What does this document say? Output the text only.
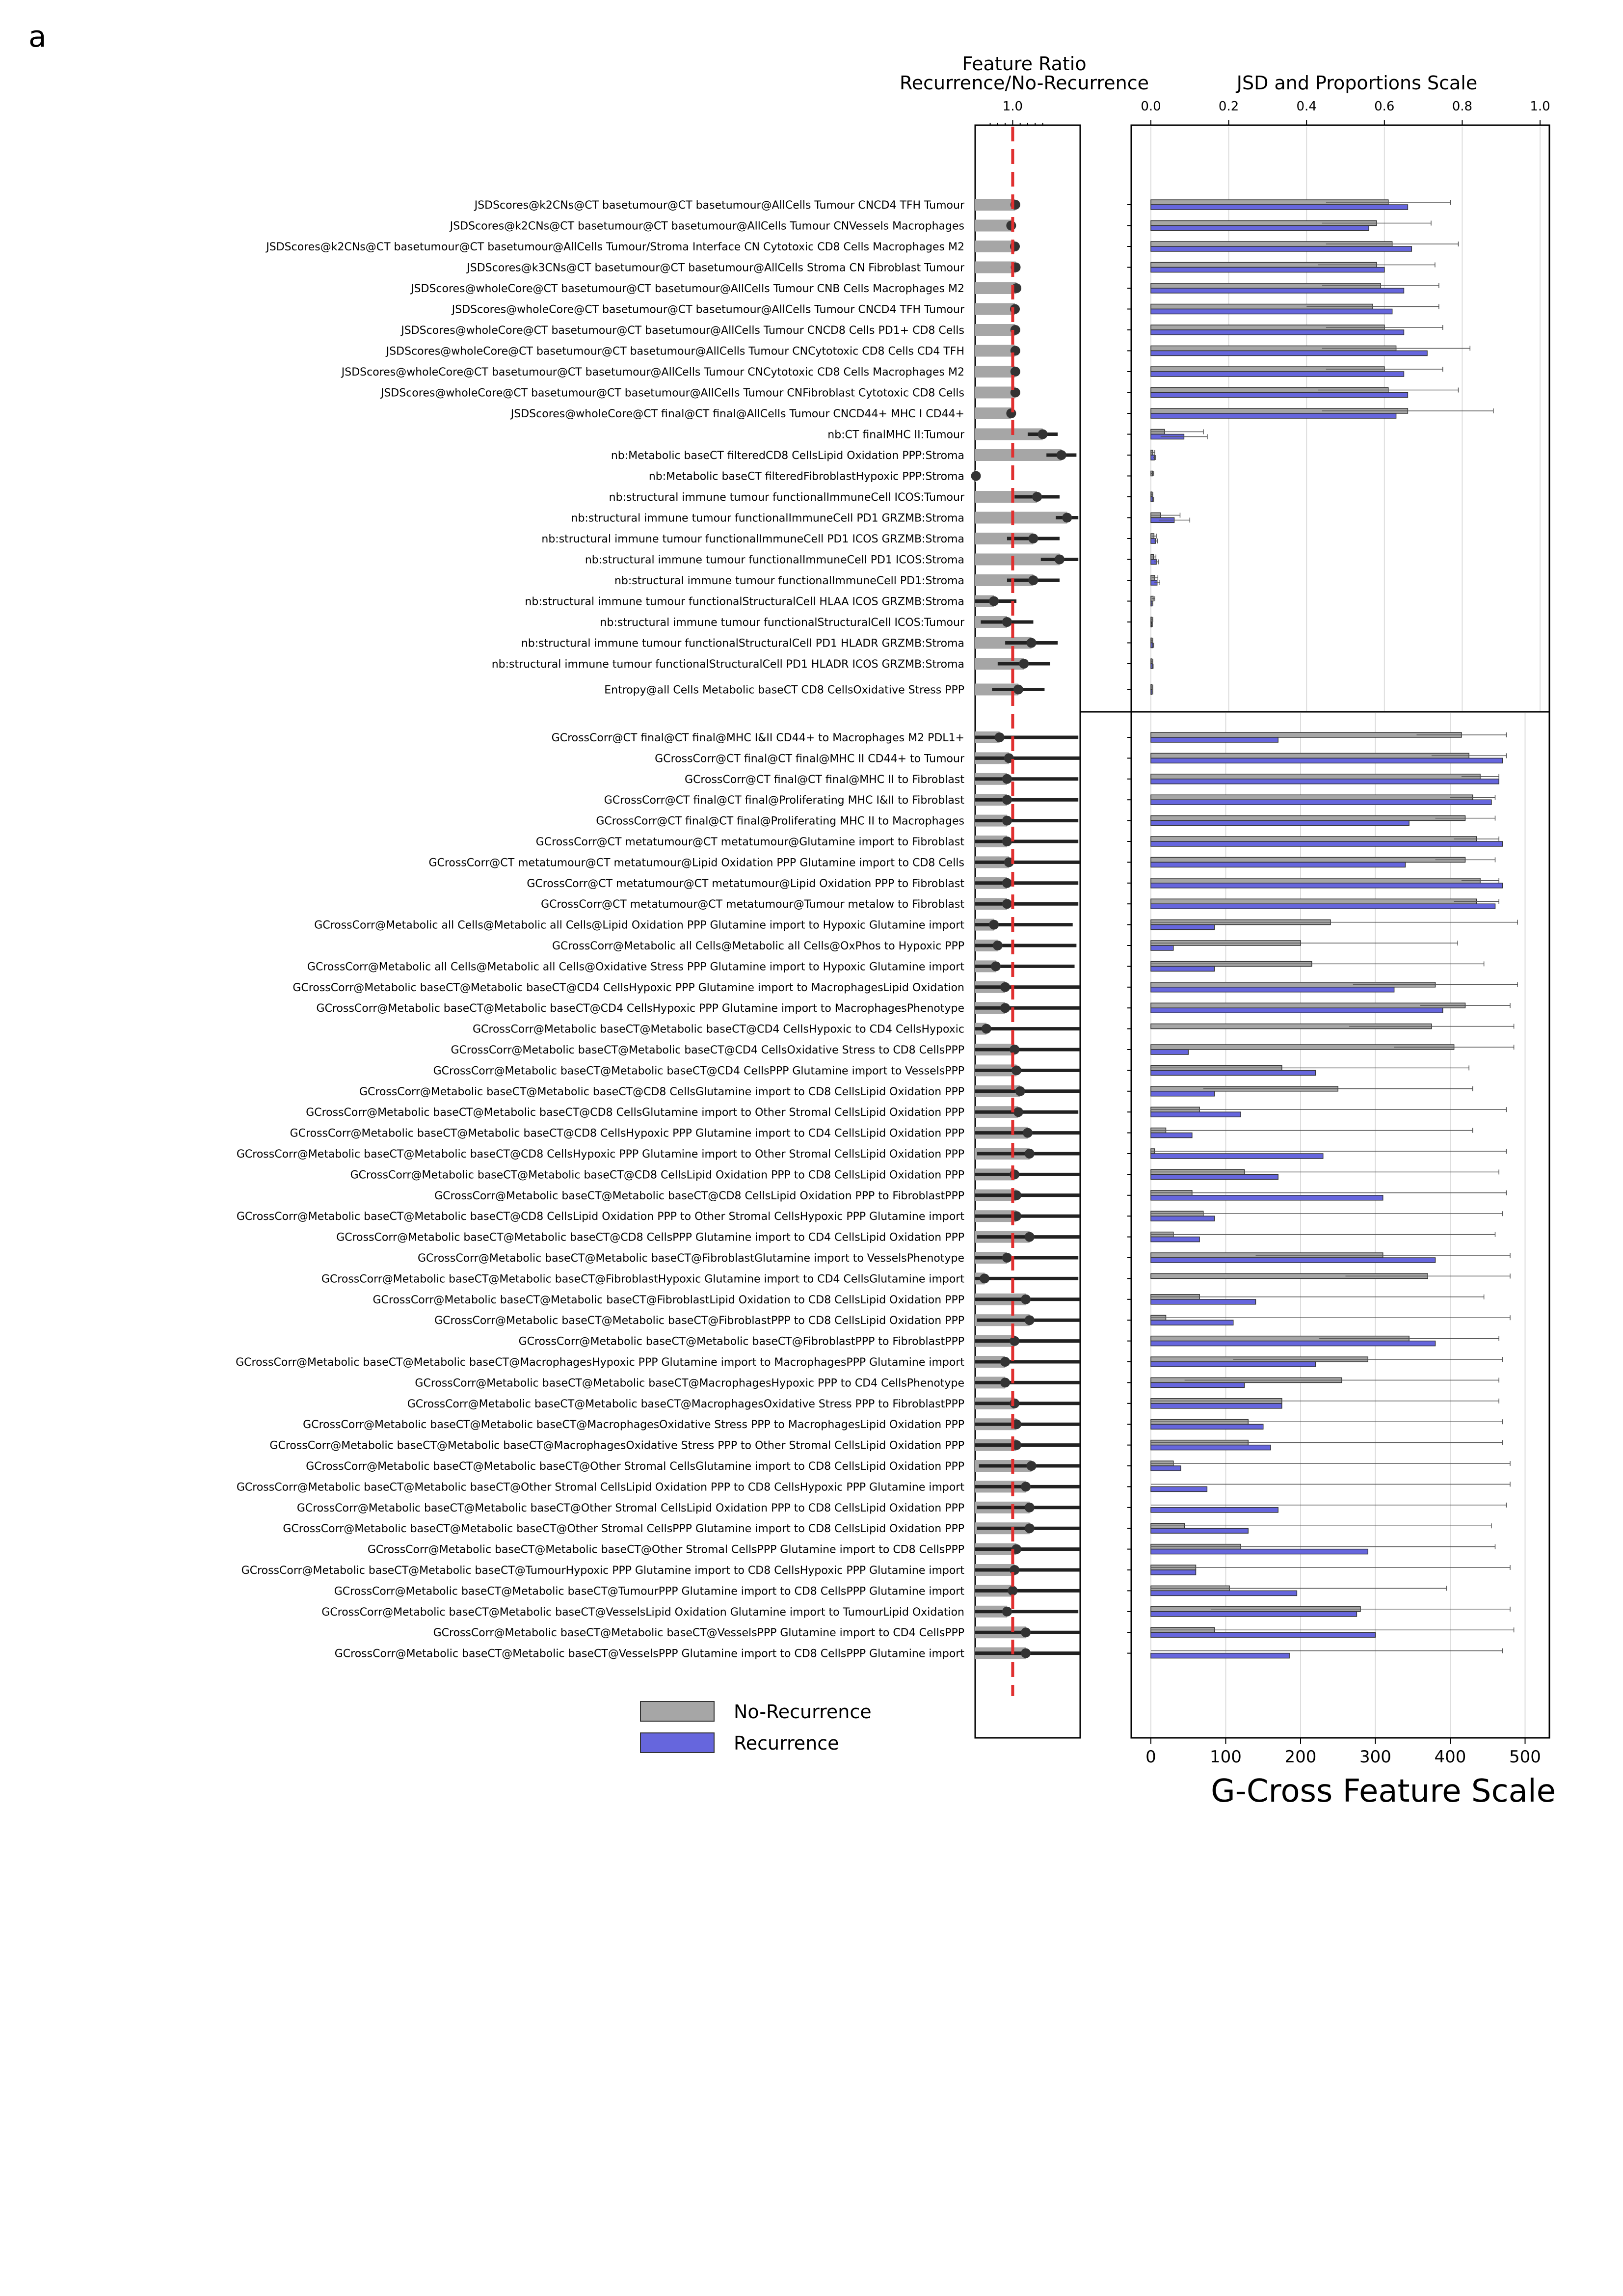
a
Feature Ratio
Recurrence/No-Recurrence	JSD and Proportions Scale
G-Cross Feature Scale
1.0	0.0	0.2	0.4	0.6	0.8	1.0
0	100	200	300	400	500
JSDScores@k2CNs@CT basetumour@CT basetumour@AllCells Tumour CNCD4 TFH Tumour
JSDScores@k2CNs@CT basetumour@CT basetumour@AllCells Tumour CNVessels Macrophages
JSDScores@k2CNs@CT basetumour@CT basetumour@AllCells Tumour/Stroma Interface CN Cytotoxic CD8 Cells Macrophages M2
JSDScores@k3CNs@CT basetumour@CT basetumour@AllCells Stroma CN Fibroblast Tumour
JSDScores@wholeCore@CT basetumour@CT basetumour@AllCells Tumour CNB Cells Macrophages M2
JSDScores@wholeCore@CT basetumour@CT basetumour@AllCells Tumour CNCD4 TFH Tumour
JSDScores@wholeCore@CT basetumour@CT basetumour@AllCells Tumour CNCD8 Cells PD1+ CD8 Cells
JSDScores@wholeCore@CT basetumour@CT basetumour@AllCells Tumour CNCytotoxic CD8 Cells CD4 TFH
JSDScores@wholeCore@CT basetumour@CT basetumour@AllCells Tumour CNCytotoxic CD8 Cells Macrophages M2
JSDScores@wholeCore@CT basetumour@CT basetumour@AllCells Tumour CNFibroblast Cytotoxic CD8 Cells
JSDScores@wholeCore@CT final@CT final@AllCells Tumour CNCD44+ MHC I CD44+
nb:CT finalMHC II:Tumour
nb:Metabolic baseCT filteredCD8 CellsLipid Oxidation PPP:Stroma
nb:Metabolic baseCT filteredFibroblastHypoxic PPP:Stroma
nb:structural immune tumour functionalImmuneCell ICOS:Tumour
nb:structural immune tumour functionalImmuneCell PD1 GRZMB:Stroma
nb:structural immune tumour functionalImmuneCell PD1 ICOS GRZMB:Stroma
nb:structural immune tumour functionalImmuneCell PD1 ICOS:Stroma
nb:structural immune tumour functionalImmuneCell PD1:Stroma
nb:structural immune tumour functionalStructuralCell HLAA ICOS GRZMB:Stroma
nb:structural immune tumour functionalStructuralCell ICOS:Tumour
nb:structural immune tumour functionalStructuralCell PD1 HLADR GRZMB:Stroma
nb:structural immune tumour functionalStructuralCell PD1 HLADR ICOS GRZMB:Stroma
Entropy@all Cells Metabolic baseCT CD8 CellsOxidative Stress PPP
GCrossCorr@CT final@CT final@MHC I&II CD44+ to Macrophages M2 PDL1+
GCrossCorr@CT final@CT final@MHC II CD44+ to Tumour
GCrossCorr@CT final@CT final@MHC II to Fibroblast
GCrossCorr@CT final@CT final@Proliferating MHC I&II to Fibroblast
GCrossCorr@CT final@CT final@Proliferating MHC II to Macrophages
GCrossCorr@CT metatumour@CT metatumour@Glutamine import to Fibroblast
GCrossCorr@CT metatumour@CT metatumour@Lipid Oxidation PPP Glutamine import to CD8 Cells
GCrossCorr@CT metatumour@CT metatumour@Lipid Oxidation PPP to Fibroblast
GCrossCorr@CT metatumour@CT metatumour@Tumour metalow to Fibroblast
GCrossCorr@Metabolic all Cells@Metabolic all Cells@Lipid Oxidation PPP Glutamine import to Hypoxic Glutamine import
GCrossCorr@Metabolic all Cells@Metabolic all Cells@OxPhos to Hypoxic PPP
GCrossCorr@Metabolic all Cells@Metabolic all Cells@Oxidative Stress PPP Glutamine import to Hypoxic Glutamine import
GCrossCorr@Metabolic baseCT@Metabolic baseCT@CD4 CellsHypoxic PPP Glutamine import to MacrophagesLipid Oxidation
GCrossCorr@Metabolic baseCT@Metabolic baseCT@CD4 CellsHypoxic PPP Glutamine import to MacrophagesPhenotype
GCrossCorr@Metabolic baseCT@Metabolic baseCT@CD4 CellsHypoxic to CD4 CellsHypoxic
GCrossCorr@Metabolic baseCT@Metabolic baseCT@CD4 CellsOxidative Stress to CD8 CellsPPP
GCrossCorr@Metabolic baseCT@Metabolic baseCT@CD4 CellsPPP Glutamine import to VesselsPPP
GCrossCorr@Metabolic baseCT@Metabolic baseCT@CD8 CellsGlutamine import to CD8 CellsLipid Oxidation PPP
GCrossCorr@Metabolic baseCT@Metabolic baseCT@CD8 CellsGlutamine import to Other Stromal CellsLipid Oxidation PPP
GCrossCorr@Metabolic baseCT@Metabolic baseCT@CD8 CellsHypoxic PPP Glutamine import to CD4 CellsLipid Oxidation PPP
GCrossCorr@Metabolic baseCT@Metabolic baseCT@CD8 CellsHypoxic PPP Glutamine import to Other Stromal CellsLipid Oxidation PPP
GCrossCorr@Metabolic baseCT@Metabolic baseCT@CD8 CellsLipid Oxidation PPP to CD8 CellsLipid Oxidation PPP
GCrossCorr@Metabolic baseCT@Metabolic baseCT@CD8 CellsLipid Oxidation PPP to FibroblastPPP
GCrossCorr@Metabolic baseCT@Metabolic baseCT@CD8 CellsLipid Oxidation PPP to Other Stromal CellsHypoxic PPP Glutamine import
GCrossCorr@Metabolic baseCT@Metabolic baseCT@CD8 CellsPPP Glutamine import to CD4 CellsLipid Oxidation PPP
GCrossCorr@Metabolic baseCT@Metabolic baseCT@FibroblastGlutamine import to VesselsPhenotype
GCrossCorr@Metabolic baseCT@Metabolic baseCT@FibroblastHypoxic Glutamine import to CD4 CellsGlutamine import
GCrossCorr@Metabolic baseCT@Metabolic baseCT@FibroblastLipid Oxidation to CD8 CellsLipid Oxidation PPP
GCrossCorr@Metabolic baseCT@Metabolic baseCT@FibroblastPPP to CD8 CellsLipid Oxidation PPP
GCrossCorr@Metabolic baseCT@Metabolic baseCT@FibroblastPPP to FibroblastPPP
GCrossCorr@Metabolic baseCT@Metabolic baseCT@MacrophagesHypoxic PPP Glutamine import to MacrophagesPPP Glutamine import
GCrossCorr@Metabolic baseCT@Metabolic baseCT@MacrophagesHypoxic PPP to CD4 CellsPhenotype
GCrossCorr@Metabolic baseCT@Metabolic baseCT@MacrophagesOxidative Stress PPP to FibroblastPPP
GCrossCorr@Metabolic baseCT@Metabolic baseCT@MacrophagesOxidative Stress PPP to MacrophagesLipid Oxidation PPP
GCrossCorr@Metabolic baseCT@Metabolic baseCT@MacrophagesOxidative Stress PPP to Other Stromal CellsLipid Oxidation PPP
GCrossCorr@Metabolic baseCT@Metabolic baseCT@Other Stromal CellsGlutamine import to CD8 CellsLipid Oxidation PPP
GCrossCorr@Metabolic baseCT@Metabolic baseCT@Other Stromal CellsLipid Oxidation PPP to CD8 CellsHypoxic PPP Glutamine import
GCrossCorr@Metabolic baseCT@Metabolic baseCT@Other Stromal CellsLipid Oxidation PPP to CD8 CellsLipid Oxidation PPP
GCrossCorr@Metabolic baseCT@Metabolic baseCT@Other Stromal CellsPPP Glutamine import to CD8 CellsLipid Oxidation PPP
GCrossCorr@Metabolic baseCT@Metabolic baseCT@Other Stromal CellsPPP Glutamine import to CD8 CellsPPP
GCrossCorr@Metabolic baseCT@Metabolic baseCT@TumourHypoxic PPP Glutamine import to CD8 CellsHypoxic PPP Glutamine import
GCrossCorr@Metabolic baseCT@Metabolic baseCT@TumourPPP Glutamine import to CD8 CellsPPP Glutamine import
GCrossCorr@Metabolic baseCT@Metabolic baseCT@VesselsLipid Oxidation Glutamine import to TumourLipid Oxidation
GCrossCorr@Metabolic baseCT@Metabolic baseCT@VesselsPPP Glutamine import to CD4 CellsPPP
GCrossCorr@Metabolic baseCT@Metabolic baseCT@VesselsPPP Glutamine import to CD8 CellsPPP Glutamine import
No-Recurrence
Recurrence
